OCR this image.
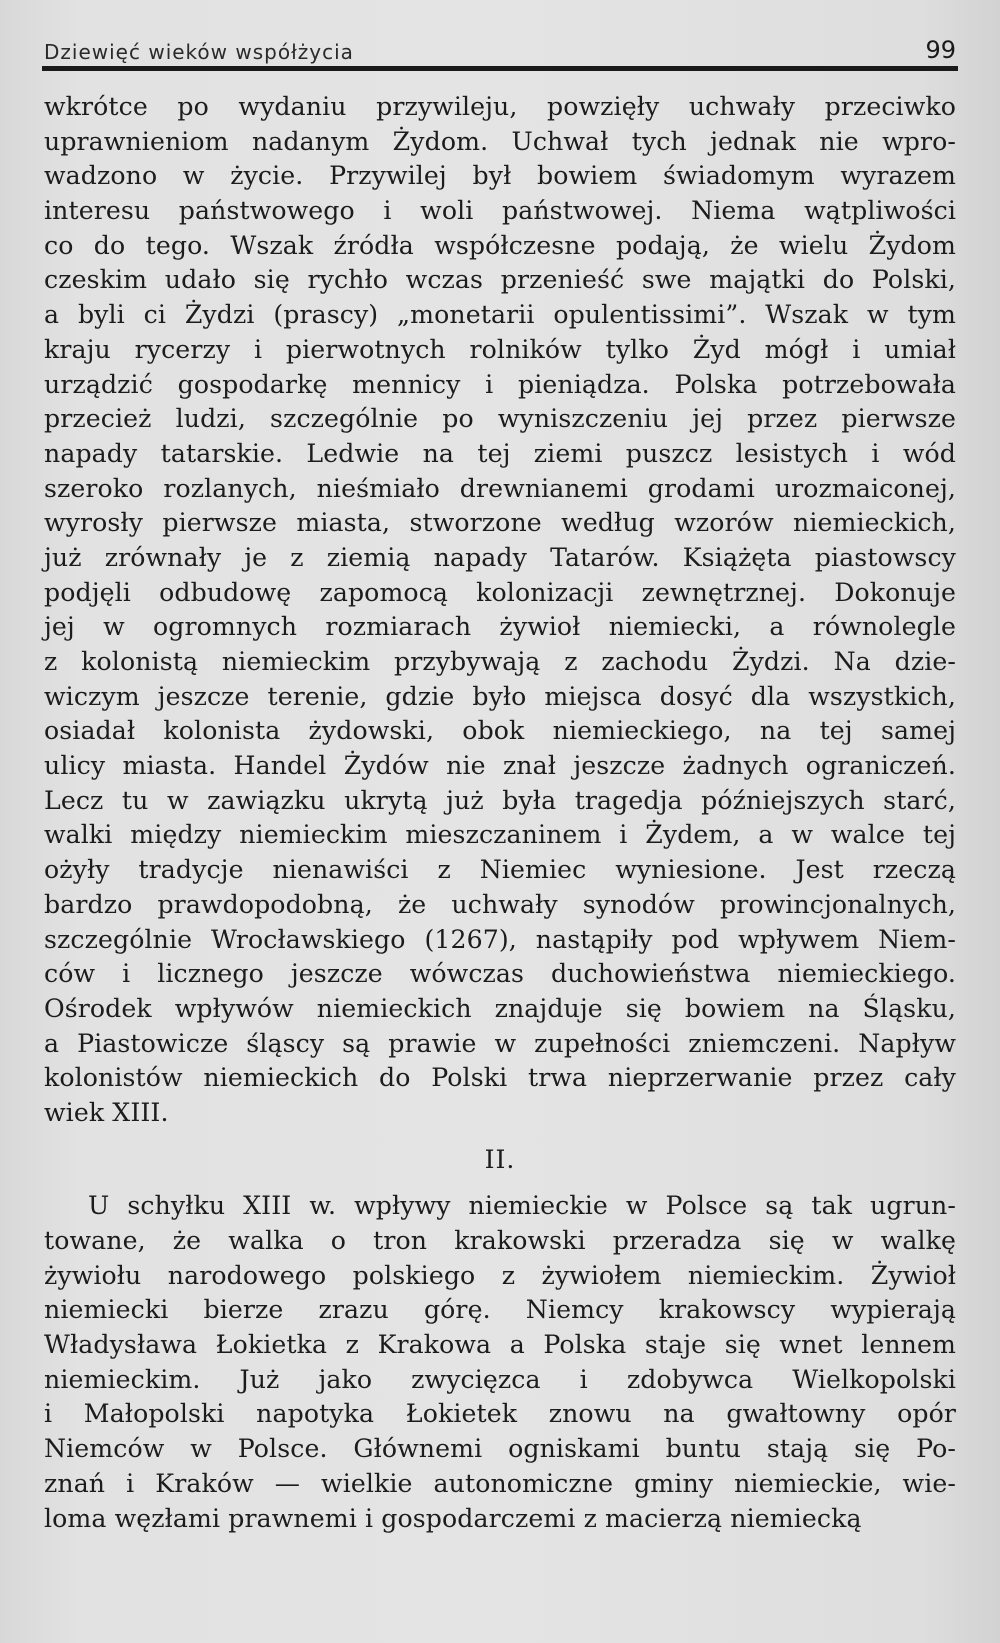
Dziewięć wieków współżycia	99
wkrótce po wydaniu przywileju, powzięły uchwały przeciwko
uprawnieniom nadanym Żydom. Uchwał tych jednak nie wpro-
wadzono w życie. Przywilej był bowiem świadomym wyrazem
interesu państwowego i woli państwowej. Niema wątpliwości
co do tego. Wszak źródła współczesne podają, że wielu Żydom
czeskim udało się rychło wczas przenieść swe majątki do Polski,
a byli ci Żydzi (prascy) „monetarii opulentissimi”. Wszak w tym
kraju rycerzy i pierwotnych rolników tylko Żyd mógł i umiał
urządzić gospodarkę mennicy i pieniądza. Polska potrzebowała
przecież ludzi, szczególnie po wyniszczeniu jej przez pierwsze
napady tatarskie. Ledwie na tej ziemi puszcz lesistych i wód
szeroko rozlanych, nieśmiało drewnianemi grodami urozmaiconej,
wyrosły pierwsze miasta, stworzone według wzorów niemieckich,
już zrównały je z ziemią napady Tatarów. Książęta piastowscy
podjęli odbudowę zapomocą kolonizacji zewnętrznej. Dokonuje
jej w ogromnych rozmiarach żywioł niemiecki, a równolegle
z kolonistą niemieckim przybywają z zachodu Żydzi. Na dzie-
wiczym jeszcze terenie, gdzie było miejsca dosyć dla wszystkich,
osiadał kolonista żydowski, obok niemieckiego, na tej samej
ulicy miasta. Handel Żydów nie znał jeszcze żadnych ograniczeń.
Lecz tu w zawiązku ukrytą już była tragedja późniejszych starć,
walki między niemieckim mieszczaninem i Żydem, a w walce tej
ożyły tradycje nienawiści z Niemiec wyniesione. Jest rzeczą
bardzo prawdopodobną, że uchwały synodów prowincjonalnych,
szczególnie Wrocławskiego (1267), nastąpiły pod wpływem Niem-
ców i licznego jeszcze wówczas duchowieństwa niemieckiego.
Ośrodek wpływów niemieckich znajduje się bowiem na Śląsku,
a Piastowicze śląscy są prawie w zupełności zniemczeni. Napływ
kolonistów niemieckich do Polski trwa nieprzerwanie przez cały
wiek XIII.
II.
U schyłku XIII w. wpływy niemieckie w Polsce są tak ugrun-
towane, że walka o tron krakowski przeradza się w walkę
żywiołu narodowego polskiego z żywiołem niemieckim. Żywioł
niemiecki bierze zrazu górę. Niemcy krakowscy wypierają
Władysława Łokietka z Krakowa a Polska staje się wnet lennem
niemieckim. Już jako zwycięzca i zdobywca Wielkopolski
i Małopolski napotyka Łokietek znowu na gwałtowny opór
Niemców w Polsce. Głównemi ogniskami buntu stają się Po-
znań i Kraków — wielkie autonomiczne gminy niemieckie, wie-
loma węzłami prawnemi i gospodarczemi z macierzą niemiecką
